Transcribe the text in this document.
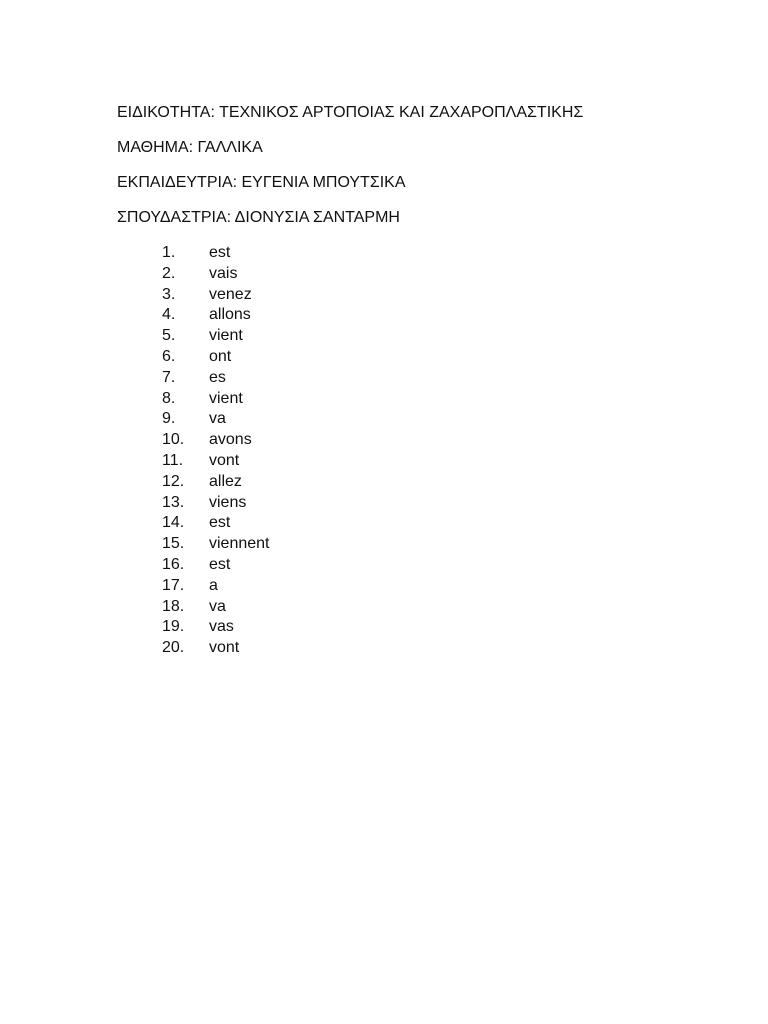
ΕΙΔΙΚΟΤΗΤΑ: ΤΕΧΝΙΚΟΣ ΑΡΤΟΠΟΙΑΣ ΚΑΙ ΖΑΧΑΡΟΠΛΑΣΤΙΚΗΣ
ΜΑΘΗΜΑ: ΓΑΛΛΙΚΑ
ΕΚΠΑΙΔΕΥΤΡΙΑ: ΕΥΓΕΝΙΑ ΜΠΟΥΤΣΙΚΑ
ΣΠΟΥΔΑΣΤΡΙΑ: ΔΙΟΝΥΣΙΑ ΣΑΝΤΑΡΜΗ
1. est
2. vais
3. venez
4. allons
5. vient
6. ont
7. es
8. vient
9. va
10. avons
11. vont
12. allez
13. viens
14. est
15. viennent
16. est
17. a
18. va
19. vas
20. vont
